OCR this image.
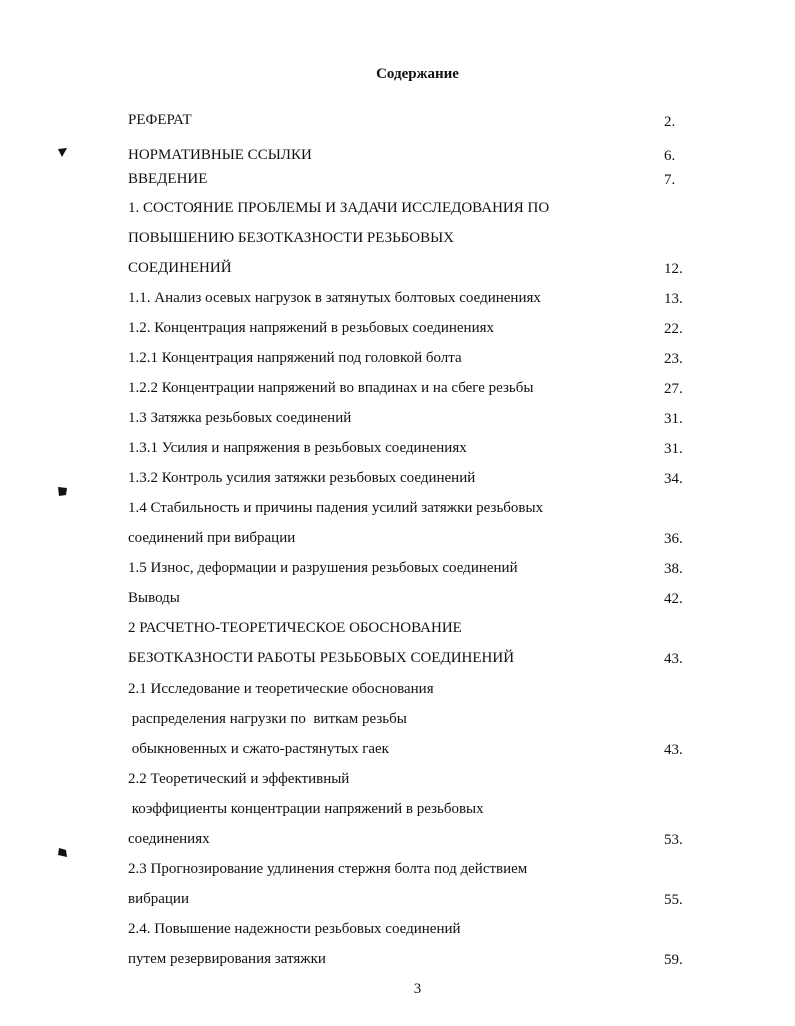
Содержание
РЕФЕРАТ	2.
НОРМАТИВНЫЕ ССЫЛКИ	6.
ВВЕДЕНИЕ	7.
1. СОСТОЯНИЕ ПРОБЛЕМЫ И ЗАДАЧИ ИССЛЕДОВАНИЯ ПО
ПОВЫШЕНИЮ БЕЗОТКАЗНОСТИ РЕЗЬБОВЫХ
СОЕДИНЕНИЙ	12.
1.1. Анализ осевых нагрузок в затянутых болтовых соединениях	13.
1.2. Концентрация напряжений в резьбовых соединениях	22.
1.2.1 Концентрация напряжений под головкой болта	23.
1.2.2 Концентрации напряжений во впадинах и на сбеге резьбы	27.
1.3 Затяжка резьбовых соединений	31.
1.3.1 Усилия и напряжения в резьбовых соединениях	31.
1.3.2 Контроль усилия затяжки резьбовых соединений	34.
1.4 Стабильность и причины падения усилий затяжки резьбовых
соединений при вибрации	36.
1.5 Износ, деформации и разрушения резьбовых соединений	38.
Выводы	42.
2 РАСЧЕТНО-ТЕОРЕТИЧЕСКОЕ ОБОСНОВАНИЕ
БЕЗОТКАЗНОСТИ РАБОТЫ РЕЗЬБОВЫХ СОЕДИНЕНИЙ	43.
2.1 Исследование и теоретические обоснования
распределения нагрузки по  виткам резьбы
обыкновенных и сжато-растянутых гаек	43.
2.2 Теоретический и эффективный
коэффициенты концентрации напряжений в резьбовых
соединениях	53.
2.3 Прогнозирование удлинения стержня болта под действием
вибрации	55.
2.4. Повышение надежности резьбовых соединений
путем резервирования затяжки	59.
3
